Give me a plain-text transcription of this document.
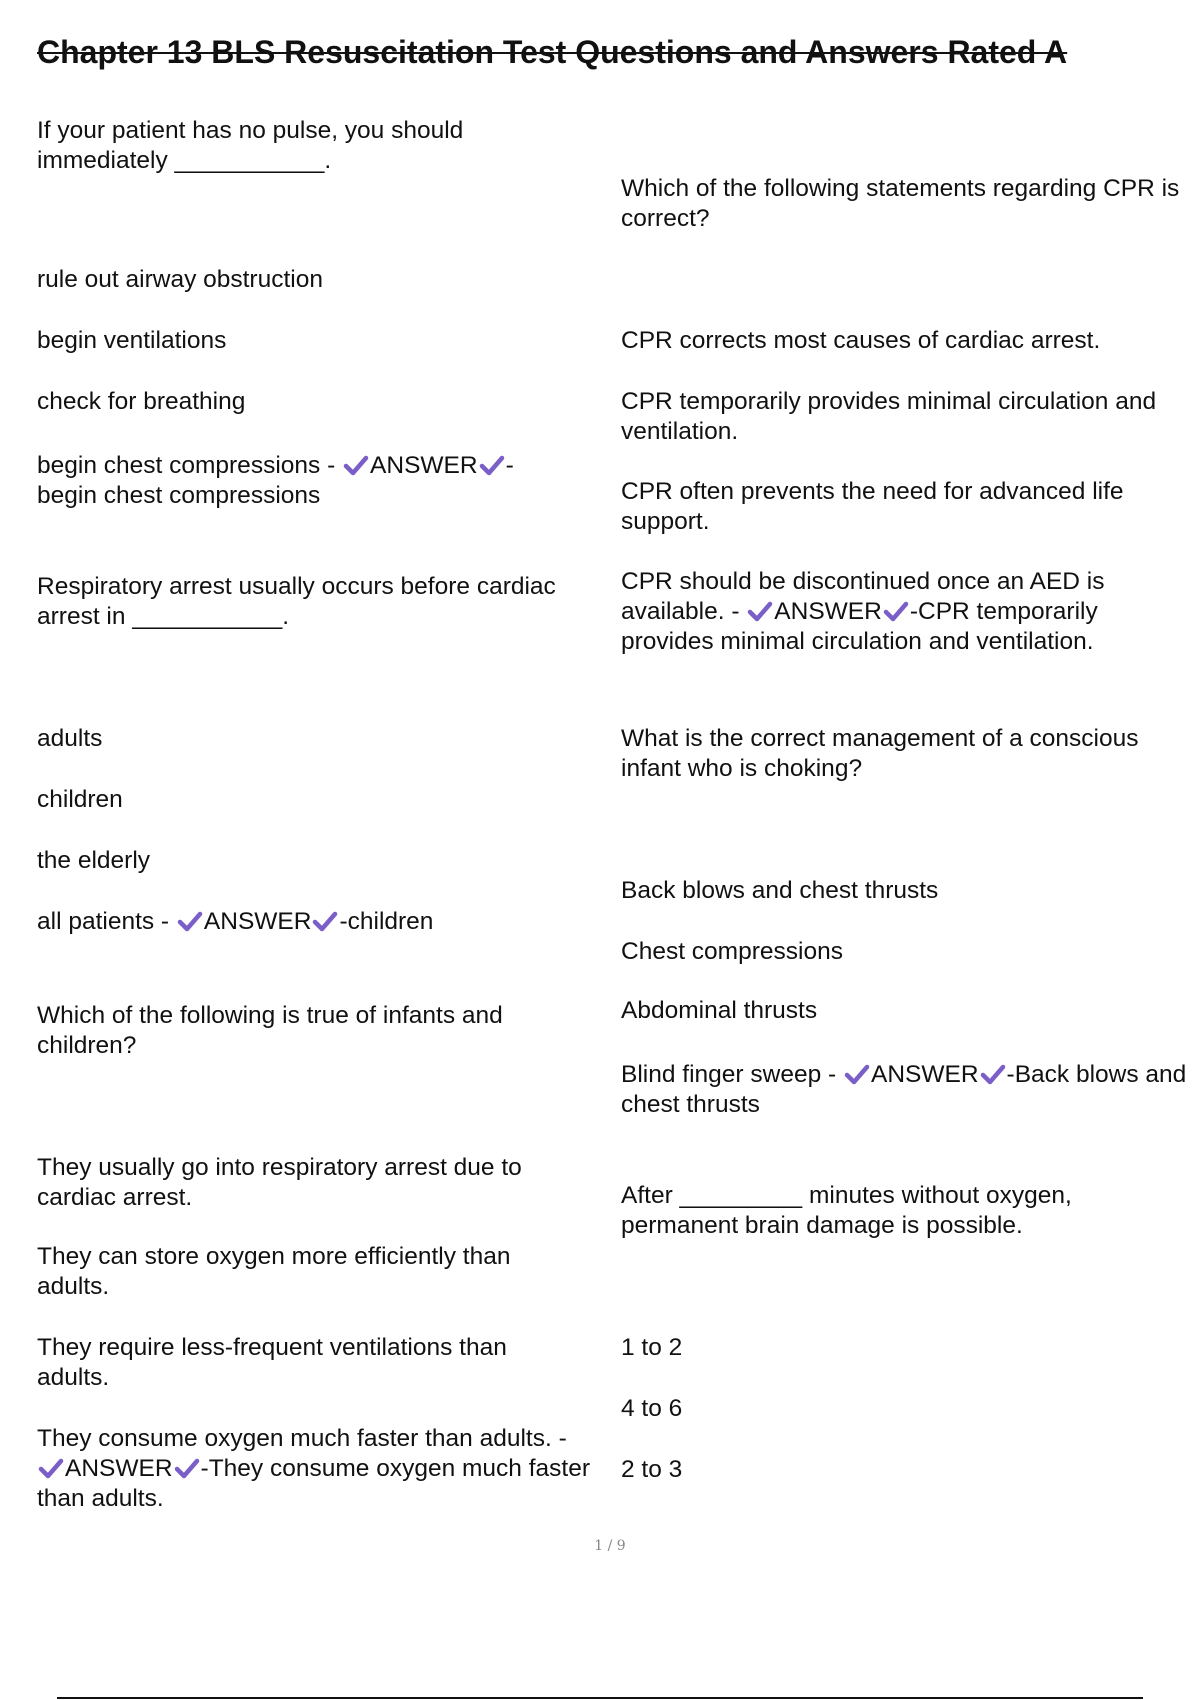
Chapter 13 BLS Resuscitation Test Questions and Answers Rated A

If your patient has no pulse, you should immediately ___________.

rule out airway obstruction

begin ventilations

check for breathing

begin chest compressions - ANSWER -
begin chest compressions

Respiratory arrest usually occurs before cardiac arrest in ___________.

adults

children

the elderly

all patients - ANSWER -children

Which of the following is true of infants and children?

They usually go into respiratory arrest due to cardiac arrest.

They can store oxygen more efficiently than adults.

They require less-frequent ventilations than adults.

They consume oxygen much faster than adults. -

ANSWER -They consume oxygen much faster than adults.

Which of the following statements regarding CPR is correct?

CPR corrects most causes of cardiac arrest.

CPR temporarily provides minimal circulation and ventilation.

CPR often prevents the need for advanced life support.

CPR should be discontinued once an AED is available. - ANSWER -CPR temporarily provides minimal circulation and ventilation.

What is the correct management of a conscious infant who is choking?

Back blows and chest thrusts

Chest compressions

Abdominal thrusts

Blind finger sweep - ANSWER -Back blows and chest thrusts

After _________ minutes without oxygen, permanent brain damage is possible.

1 to 2

4 to 6

2 to 3

1 / 9
